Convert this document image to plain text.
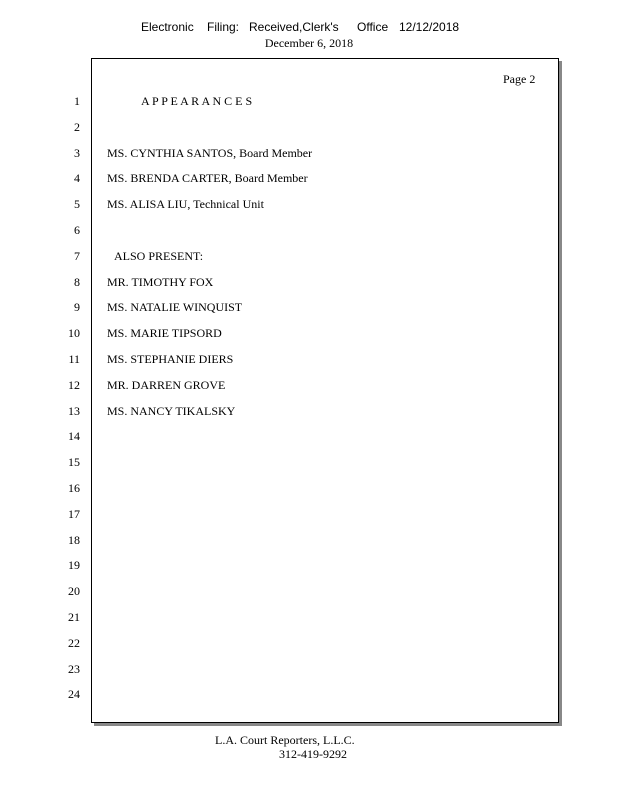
Electronic

Filing:

Received,Clerk's

Office

12/12/2018

December 6, 2018
Page 2
1	A P P E A R A N C E S
2
3 MS. CYNTHIA SANTOS, Board Member
4 MS. BRENDA CARTER, Board Member
5 MS. ALISA LIU, Technical Unit
6
7	ALSO PRESENT:
8 MR. TIMOTHY FOX
9 MS. NATALIE WINQUIST
10 MS. MARIE TIPSORD
11 MS. STEPHANIE DIERS
12 MR. DARREN GROVE
13 MS. NANCY TIKALSKY
14
15
16
17
18
19
20
21
22
23
24
L.A. Court Reporters, L.L.C.
312-419-9292
